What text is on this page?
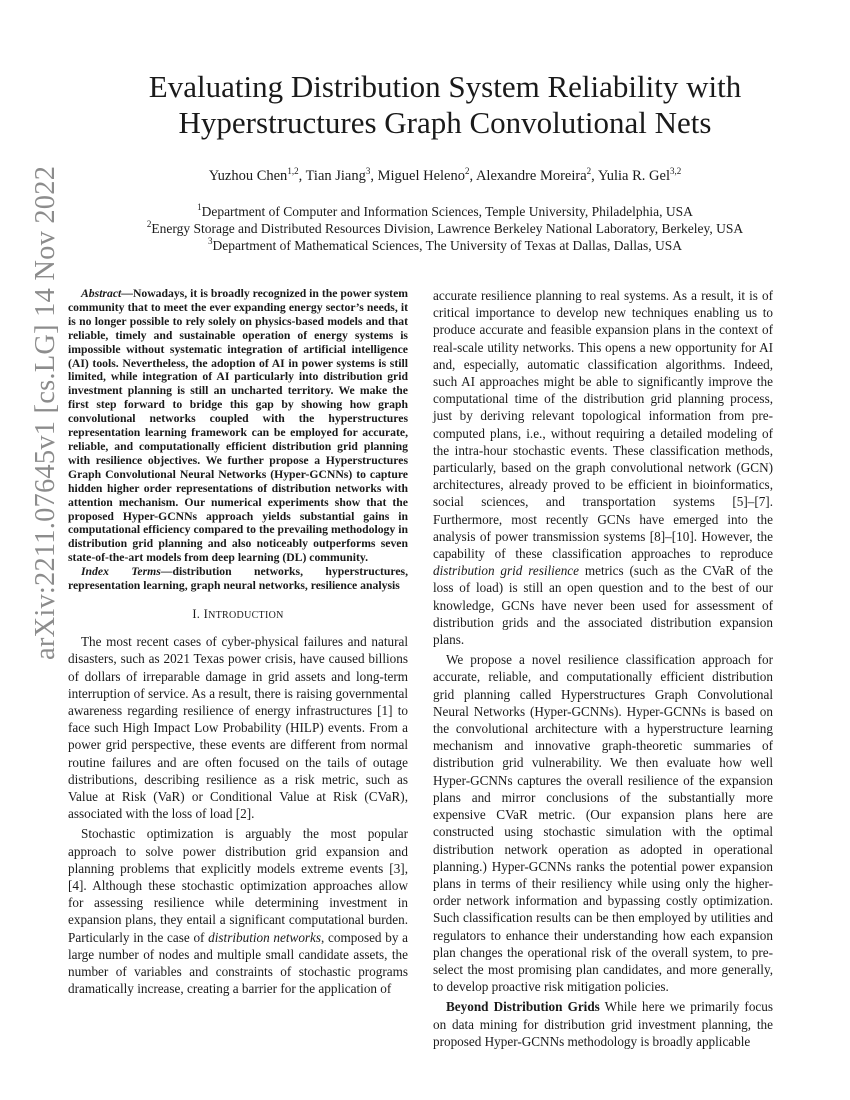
arXiv:2211.07645v1 [cs.LG] 14 Nov 2022
Evaluating Distribution System Reliability with
Hyperstructures Graph Convolutional Nets
Yuzhou Chen$^{1,2}$, Tian Jiang$^3$, Miguel Heleno$^2$, Alexandre Moreira$^2$, Yulia R. Gel$^{3,2}$
$^1$Department of Computer and Information Sciences, Temple University, Philadelphia, USA
$^2$Energy Storage and Distributed Resources Division, Lawrence Berkeley National Laboratory, Berkeley, USA
$^3$Department of Mathematical Sciences, The University of Texas at Dallas, Dallas, USA

Abstract—Nowadays, it is broadly recognized in the power system community that to meet the ever expanding energy sector’s needs, it is no longer possible to rely solely on physics-based models and that reliable, timely and sustainable operation of energy systems is impossible without systematic integration of artificial intelligence (AI) tools. Nevertheless, the adoption of AI in power systems is still limited, while integration of AI particularly into distribution grid investment planning is still an uncharted territory. We make the first step forward to bridge this gap by showing how graph convolutional networks coupled with the hyperstructures representation learning framework can be employed for accurate, reliable, and computationally efficient distribution grid planning with resilience objectives. We further propose a Hyperstructures Graph Convolutional Neural Networks (Hyper-GCNNs) to capture hidden higher order representations of distribution networks with attention mechanism. Our numerical experiments show that the proposed Hyper-GCNNs approach yields substantial gains in computational efficiency compared to the prevailing methodology in distribution grid planning and also noticeably outperforms seven state-of-the-art models from deep learning (DL) community.

Index Terms—distribution networks, hyperstructures, representation learning, graph neural networks, resilience analysis

I. INTRODUCTION

The most recent cases of cyber-physical failures and natural disasters, such as 2021 Texas power crisis, have caused billions of dollars of irreparable damage in grid assets and long-term interruption of service. As a result, there is raising governmental awareness regarding resilience of energy infrastructures [1] to face such High Impact Low Probability (HILP) events. From a power grid perspective, these events are different from normal routine failures and are often focused on the tails of outage distributions, describing resilience as a risk metric, such as Value at Risk (VaR) or Conditional Value at Risk (CVaR), associated with the loss of load [2].

Stochastic optimization is arguably the most popular approach to solve power distribution grid expansion and planning problems that explicitly models extreme events [3], [4]. Although these stochastic optimization approaches allow for assessing resilience while determining investment in expansion plans, they entail a significant computational burden. Particularly in the case of distribution networks, composed by a large number of nodes and multiple small candidate assets, the number of variables and constraints of stochastic programs dramatically increase, creating a barrier for the application of

accurate resilience planning to real systems. As a result, it is of critical importance to develop new techniques enabling us to produce accurate and feasible expansion plans in the context of real-scale utility networks. This opens a new opportunity for AI and, especially, automatic classification algorithms. Indeed, such AI approaches might be able to significantly improve the computational time of the distribution grid planning process, just by deriving relevant topological information from pre-computed plans, i.e., without requiring a detailed modeling of the intra-hour stochastic events. These classification methods, particularly, based on the graph convolutional network (GCN) architectures, already proved to be efficient in bioinformatics, social sciences, and transportation systems [5]–[7]. Furthermore, most recently GCNs have emerged into the analysis of power transmission systems [8]–[10]. However, the capability of these classification approaches to reproduce distribution grid resilience metrics (such as the CVaR of the loss of load) is still an open question and to the best of our knowledge, GCNs have never been used for assessment of distribution grids and the associated distribution expansion plans.

We propose a novel resilience classification approach for accurate, reliable, and computationally efficient distribution grid planning called Hyperstructures Graph Convolutional Neural Networks (Hyper-GCNNs). Hyper-GCNNs is based on the convolutional architecture with a hyperstructure learning mechanism and innovative graph-theoretic summaries of distribution grid vulnerability. We then evaluate how well Hyper-GCNNs captures the overall resilience of the expansion plans and mirror conclusions of the substantially more expensive CVaR metric. (Our expansion plans here are constructed using stochastic simulation with the optimal distribution network operation as adopted in operational planning.) Hyper-GCNNs ranks the potential power expansion plans in terms of their resiliency while using only the higher-order network information and bypassing costly optimization. Such classification results can be then employed by utilities and regulators to enhance their understanding how each expansion plan changes the operational risk of the overall system, to pre-select the most promising plan candidates, and more generally, to develop proactive risk mitigation policies.

Beyond Distribution Grids While here we primarily focus on data mining for distribution grid investment planning, the proposed Hyper-GCNNs methodology is broadly applicable
